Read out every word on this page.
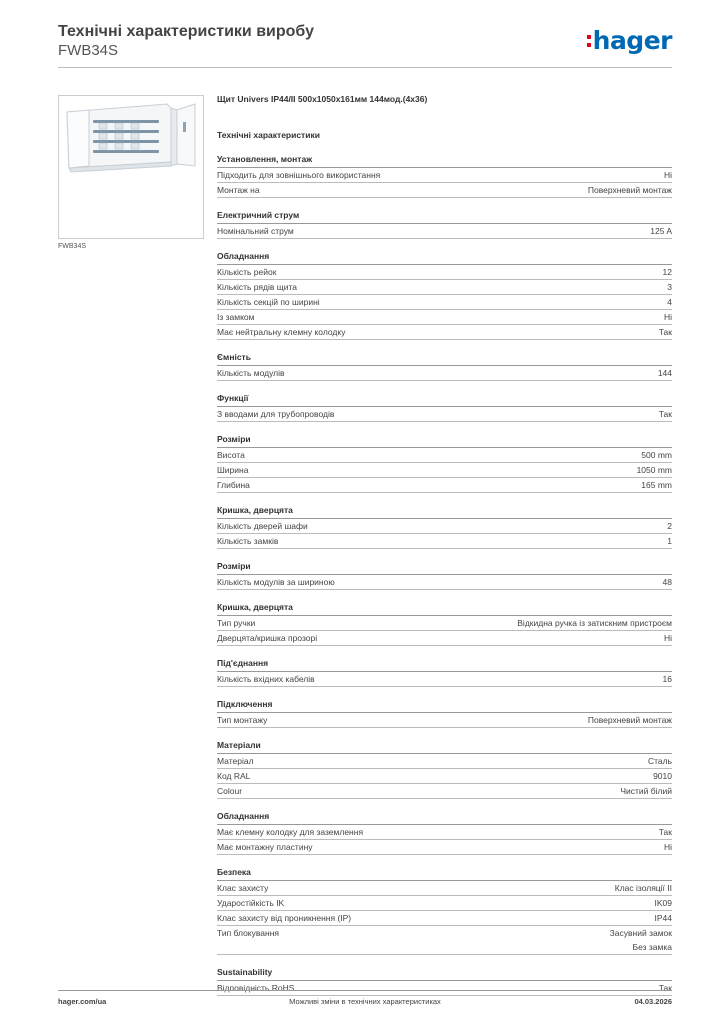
Технічні характеристики виробу
FWB34S	hager
FWB34S
Щит Univers IP44/II 500x1050x161мм 144мод.(4x36)
Технічні характеристики
Установлення, монтаж
Підходить для зовнішнього використання	Ні
Монтаж на	Поверхневий монтаж
Електричний струм
Номінальний струм	125 A
Обладнання
Кількість рейок	12
Кількість рядів щита	3
Кількість секцій по ширині	4
Із замком	Ні
Має нейтральну клемну колодку	Так
Ємність
Кількість модулів	144
Функції
З вводами для трубопроводів	Так
Розміри
Висота	500 mm
Ширина	1050 mm
Глибина	165 mm
Кришка, дверцята
Кількість дверей шафи	2
Кількість замків	1
Розміри
Кількість модулів за шириною	48
Кришка, дверцята
Тип ручки	Відкидна ручка із затискним пристроєм
Дверцята/кришка прозорі	Ні
Під'єднання
Кількість вхідних кабелів	16
Підключення
Тип монтажу	Поверхневий монтаж
Матеріали
Матеріал	Сталь
Код RAL	9010
Colour	Чистий білий
Обладнання
Має клемну колодку для заземлення	Так
Має монтажну пластину	Ні
Безпека
Клас захисту	Клас ізоляції II
Удароcтійкість IK	IK09
Клас захисту від проникнення (IP)	IP44
Тип блокування	Засувний замок
Без замка
Sustainability
Відповідність RoHS	Так
hager.com/ua	Можливі зміни в технічних характеристиках	04.03.2026
